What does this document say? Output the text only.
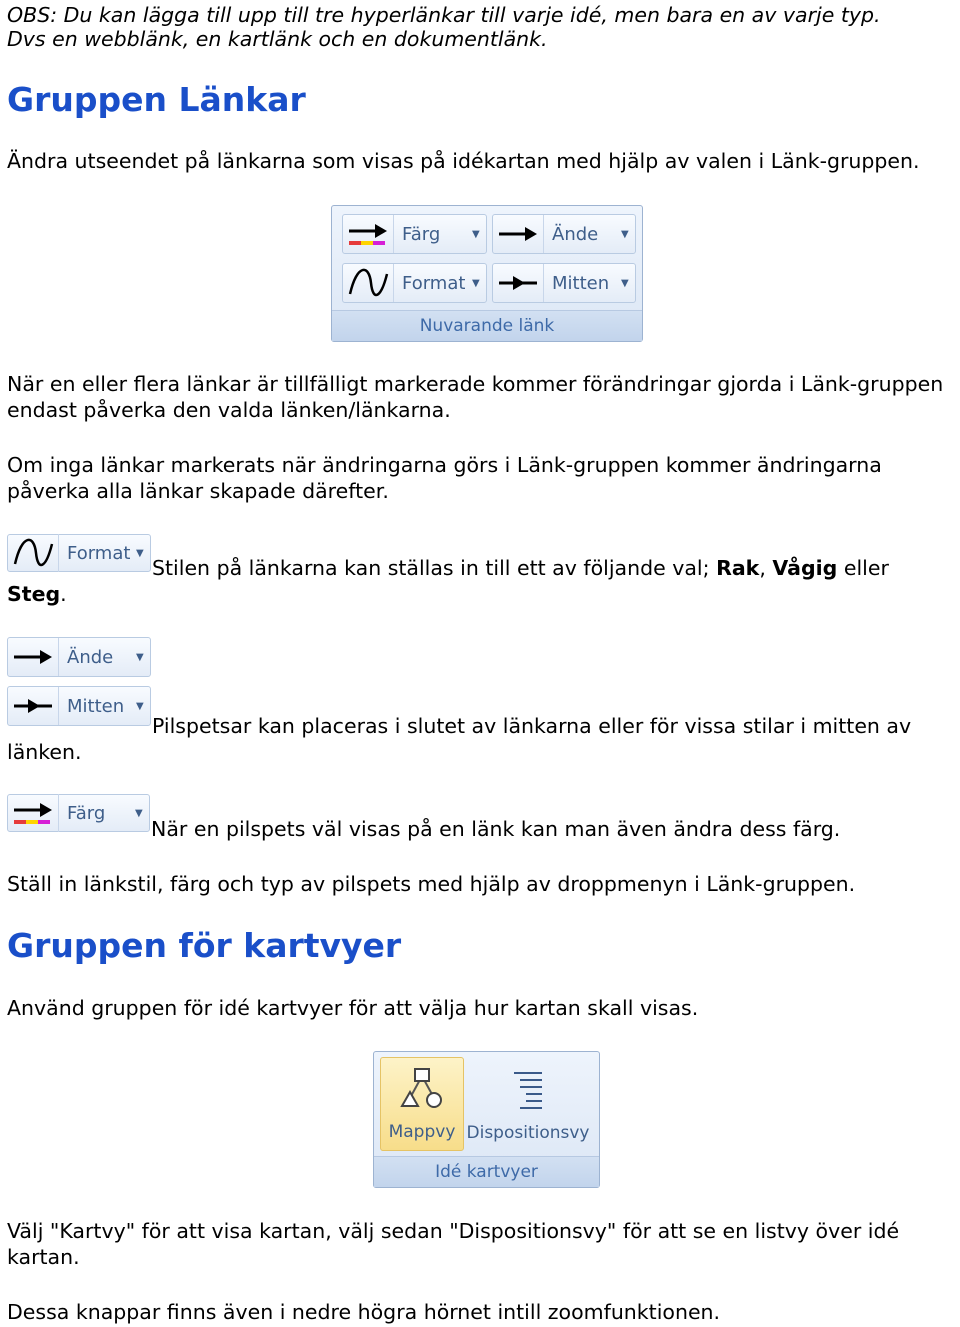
OBS: Du kan lägga till upp till tre hyperlänkar till varje idé, men bara en av varje typ.

Dvs en webblänk, en kartlänk och en dokumentlänk.

Gruppen Länkar

Ändra utseendet på länkarna som visas på idékartan med hjälp av valen i Länk-gruppen.

Färg	▼	Ände	▼
Format ▼	Mitten	▼
Nuvarande länk

När en eller flera länkar är tillfälligt markerade kommer förändringar gjorda i Länk-gruppen endast påverka den valda länken/länkarna.

Om inga länkar markerats när ändringarna görs i Länk-gruppen kommer ändringarna påverka alla länkar skapade därefter.

Format ▼

Stilen på länkarna kan ställas in till ett av följande val; Rak, Vågig eller

Steg.

Ände	▼
Mitten	▼

Pilspetsar kan placeras i slutet av länkarna eller för vissa stilar i mitten av länken.

Färg	▼

När en pilspets väl visas på en länk kan man även ändra dess färg.

Ställ in länkstil, färg och typ av pilspets med hjälp av droppmenyn i Länk-gruppen.

Gruppen för kartvyer

Använd gruppen för idé kartvyer för att välja hur kartan skall visas.

Mappvy Dispositionsvy
Idé kartvyer

Välj "Kartvy" för att visa kartan, välj sedan "Dispositionsvy" för att se en listvy över idé kartan.

Dessa knappar finns även i nedre högra hörnet intill zoomfunktionen.
